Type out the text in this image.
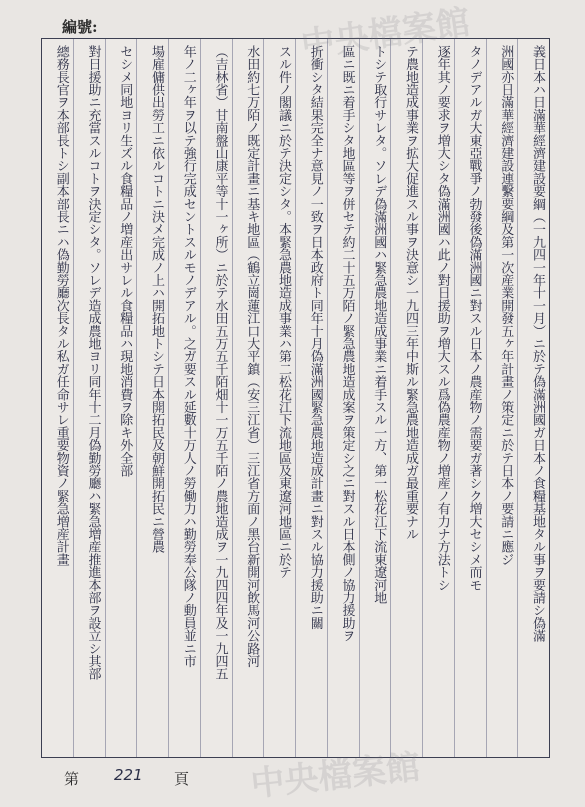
編號:
義日本ハ日滿華經濟建設要綱（一九四一年十一月）ニ於テ偽滿洲國ガ日本ノ食糧基地タル事ヲ要請シ偽滿
洲國亦日滿華經濟建設連繫要綱及第一次産業開發五ヶ年計畫ノ策定ニ於テ日本ノ要請ニ應ジ
タノデアルガ大東亞戰爭ノ勃發後偽滿洲國ニ對スル日本ノ農産物ノ需要ガ著シク増大セシメ而モ
逐年其ノ要求ヲ増大シタ偽滿洲國ハ此ノ對日援助ヲ増大スル爲偽農産物ノ増産ノ有力ナ方法トシ
テ農地造成事業ヲ拡大促進スル事ヲ決意シ一九四三年中斯ル緊急農地造成ガ最重要ナル
トシテ取行サレタ。ソレデ偽滿洲國ハ緊急農地造成事業ニ着手スル一方、第一松花江下流東遼河地
區ニ既ニ着手シタ地區等ヲ併セテ約二十五万陌ノ緊急農地造成案ヲ策定シ之ニ對スル日本側ノ協力援助ヲ
折衝シタ結果完全ナ意見ノ一致ヲ日本政府ト同年十月偽滿洲國緊急農地造成計畫ニ對スル協力援助ニ關
スル件ノ閣議ニ於テ決定シタ。本緊急農地造成事業ハ第二松花江下流地區及東遼河地區ニ於テ
水田約七万陌ノ既定計畫ニ基キ地區（鶴立崗蓮江口大平鎮（安三江省）三江省方面ノ黑台新開河飲馬河公路河
（吉林省）甘南盤山康平等十一ヶ所）ニ於テ水田五万五千陌畑十一万五千陌ノ農地造成ヲ一九四四年及一九四五
年ノ二ヶ年ヲ以テ強行完成セントスルモノデアル。之ガ要スル延數十万人ノ勞働力ハ勤勞奉公隊ノ動員並ニ市
場雇傭供出勞工ニ依ルコトニ決メ完成ノ上ハ開拓地トシテ日本開拓民及朝鮮開拓民ニ營農
セシメ同地ヨリ生ズル食糧品ノ増産出サレル食糧品ハ現地消費ヲ除キ外全部
對日援助ニ充當スルコトヲ決定シタ。ソレデ造成農地ヨリ同年十二月偽勤勞廳ハ緊急増産推進本部ヲ設立シ其部
總務長官ヲ本部長トシ副本部長ニハ偽勤勞廳次長タル私ガ任命サレ重要物資ノ緊急増産計畫
中央檔案館
中央檔案館
第 221 頁
